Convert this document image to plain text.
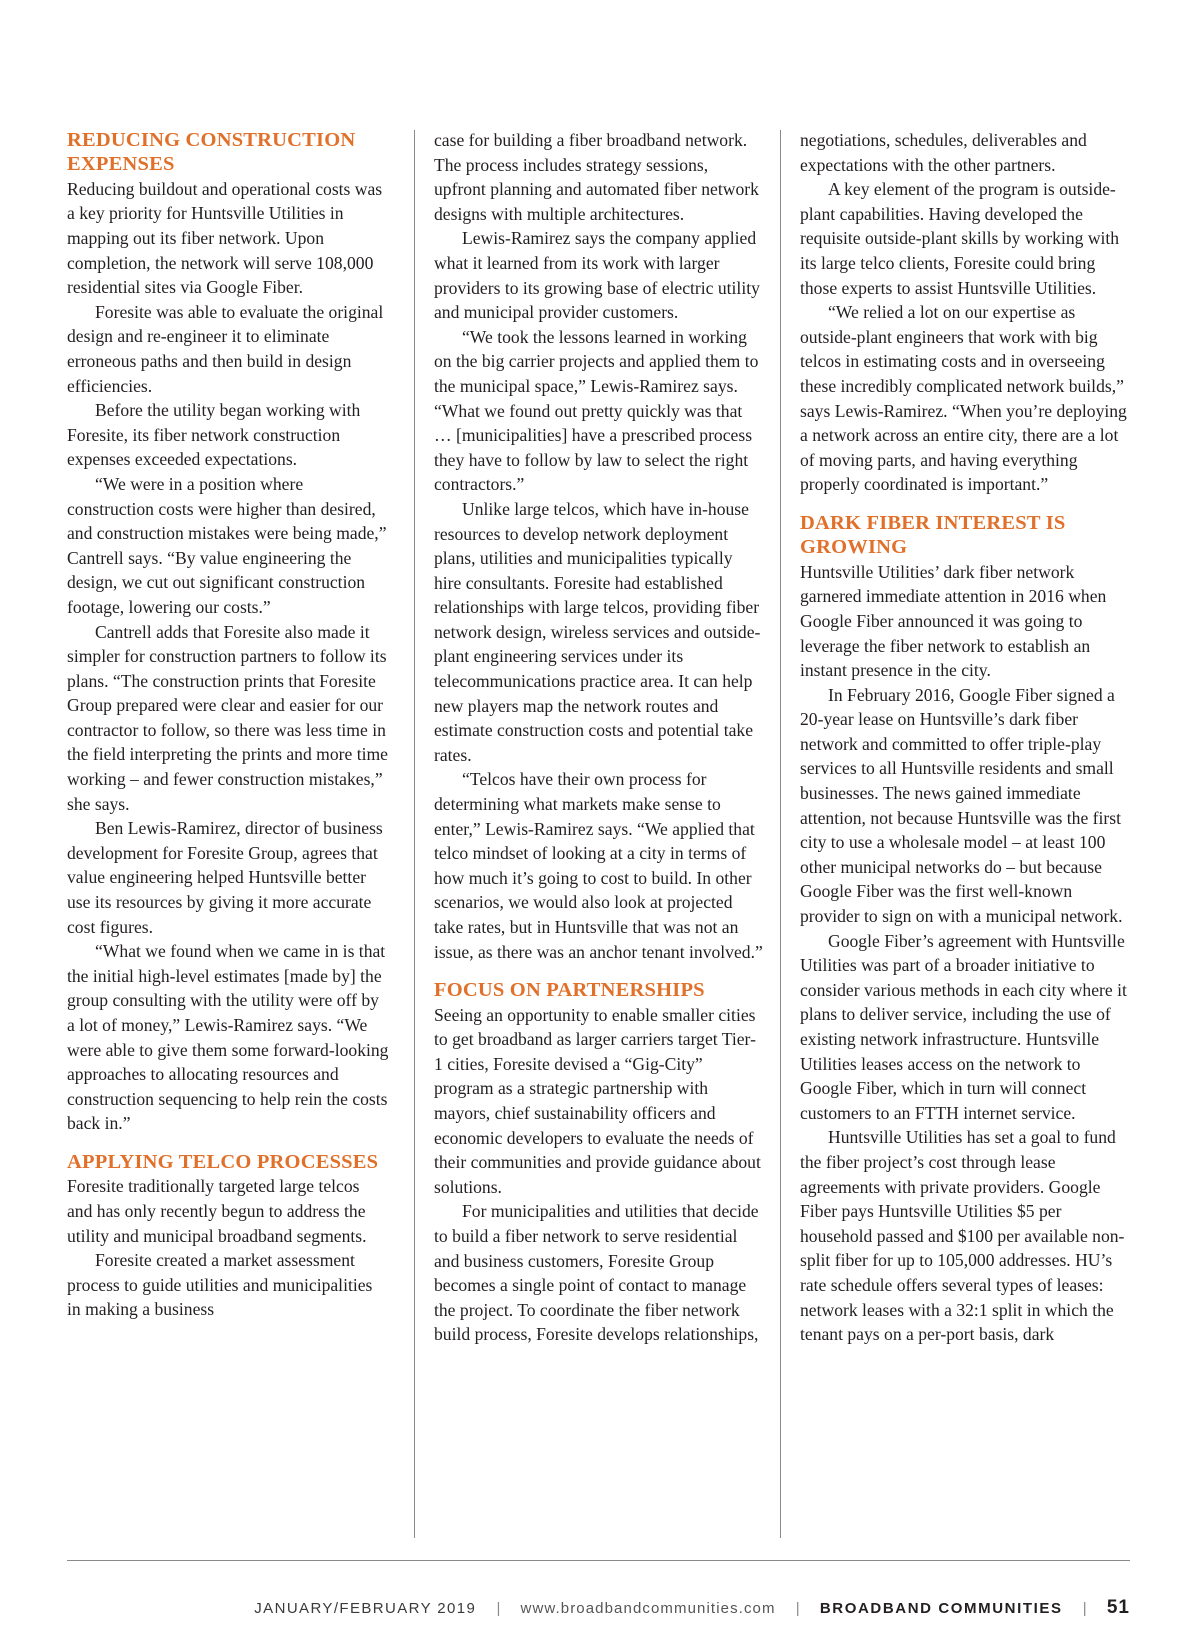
REDUCING CONSTRUCTION EXPENSES

Reducing buildout and operational costs was a key priority for Huntsville Utilities in mapping out its fiber network. Upon completion, the network will serve 108,000 residential sites via Google Fiber.

Foresite was able to evaluate the original design and re-engineer it to eliminate erroneous paths and then build in design efficiencies.

Before the utility began working with Foresite, its fiber network construction expenses exceeded expectations.

“We were in a position where construction costs were higher than desired, and construction mistakes were being made,” Cantrell says. “By value engineering the design, we cut out significant construction footage, lowering our costs.”

Cantrell adds that Foresite also made it simpler for construction partners to follow its plans. “The construction prints that Foresite Group prepared were clear and easier for our contractor to follow, so there was less time in the field interpreting the prints and more time working – and fewer construction mistakes,” she says.

Ben Lewis-Ramirez, director of business development for Foresite Group, agrees that value engineering helped Huntsville better use its resources by giving it more accurate cost figures.

“What we found when we came in is that the initial high-level estimates [made by] the group consulting with the utility were off by a lot of money,” Lewis-Ramirez says. “We were able to give them some forward-looking approaches to allocating resources and construction sequencing to help rein the costs back in.”

APPLYING TELCO PROCESSES

Foresite traditionally targeted large telcos and has only recently begun to address the utility and municipal broadband segments.

Foresite created a market assessment process to guide utilities and municipalities in making a business

case for building a fiber broadband network. The process includes strategy sessions, upfront planning and automated fiber network designs with multiple architectures.

Lewis-Ramirez says the company applied what it learned from its work with larger providers to its growing base of electric utility and municipal provider customers.

“We took the lessons learned in working on the big carrier projects and applied them to the municipal space,” Lewis-Ramirez says. “What we found out pretty quickly was that … [municipalities] have a prescribed process they have to follow by law to select the right contractors.”

Unlike large telcos, which have in-house resources to develop network deployment plans, utilities and municipalities typically hire consultants. Foresite had established relationships with large telcos, providing fiber network design, wireless services and outside-plant engineering services under its telecommunications practice area. It can help new players map the network routes and estimate construction costs and potential take rates.

“Telcos have their own process for determining what markets make sense to enter,” Lewis-Ramirez says. “We applied that telco mindset of looking at a city in terms of how much it’s going to cost to build. In other scenarios, we would also look at projected take rates, but in Huntsville that was not an issue, as there was an anchor tenant involved.”

FOCUS ON PARTNERSHIPS

Seeing an opportunity to enable smaller cities to get broadband as larger carriers target Tier-1 cities, Foresite devised a “Gig-City” program as a strategic partnership with mayors, chief sustainability officers and economic developers to evaluate the needs of their communities and provide guidance about solutions.

For municipalities and utilities that decide to build a fiber network to serve residential and business customers, Foresite Group becomes a single point of contact to manage the project. To coordinate the fiber network build process, Foresite develops relationships,

negotiations, schedules, deliverables and expectations with the other partners.

A key element of the program is outside-plant capabilities. Having developed the requisite outside-plant skills by working with its large telco clients, Foresite could bring those experts to assist Huntsville Utilities.

“We relied a lot on our expertise as outside-plant engineers that work with big telcos in estimating costs and in overseeing these incredibly complicated network builds,” says Lewis-Ramirez. “When you’re deploying a network across an entire city, there are a lot of moving parts, and having everything properly coordinated is important.”

DARK FIBER INTEREST IS GROWING

Huntsville Utilities’ dark fiber network garnered immediate attention in 2016 when Google Fiber announced it was going to leverage the fiber network to establish an instant presence in the city.

In February 2016, Google Fiber signed a 20-year lease on Huntsville’s dark fiber network and committed to offer triple-play services to all Huntsville residents and small businesses. The news gained immediate attention, not because Huntsville was the first city to use a wholesale model – at least 100 other municipal networks do – but because Google Fiber was the first well-known provider to sign on with a municipal network.

Google Fiber’s agreement with Huntsville Utilities was part of a broader initiative to consider various methods in each city where it plans to deliver service, including the use of existing network infrastructure. Huntsville Utilities leases access on the network to Google Fiber, which in turn will connect customers to an FTTH internet service.

Huntsville Utilities has set a goal to fund the fiber project’s cost through lease agreements with private providers. Google Fiber pays Huntsville Utilities $5 per household passed and $100 per available non-split fiber for up to 105,000 addresses. HU’s rate schedule offers several types of leases: network leases with a 32:1 split in which the tenant pays on a per-port basis, dark

JANUARY/FEBRUARY 2019 | www.broadbandcommunities.com | BROADBAND COMMUNITIES | 51
